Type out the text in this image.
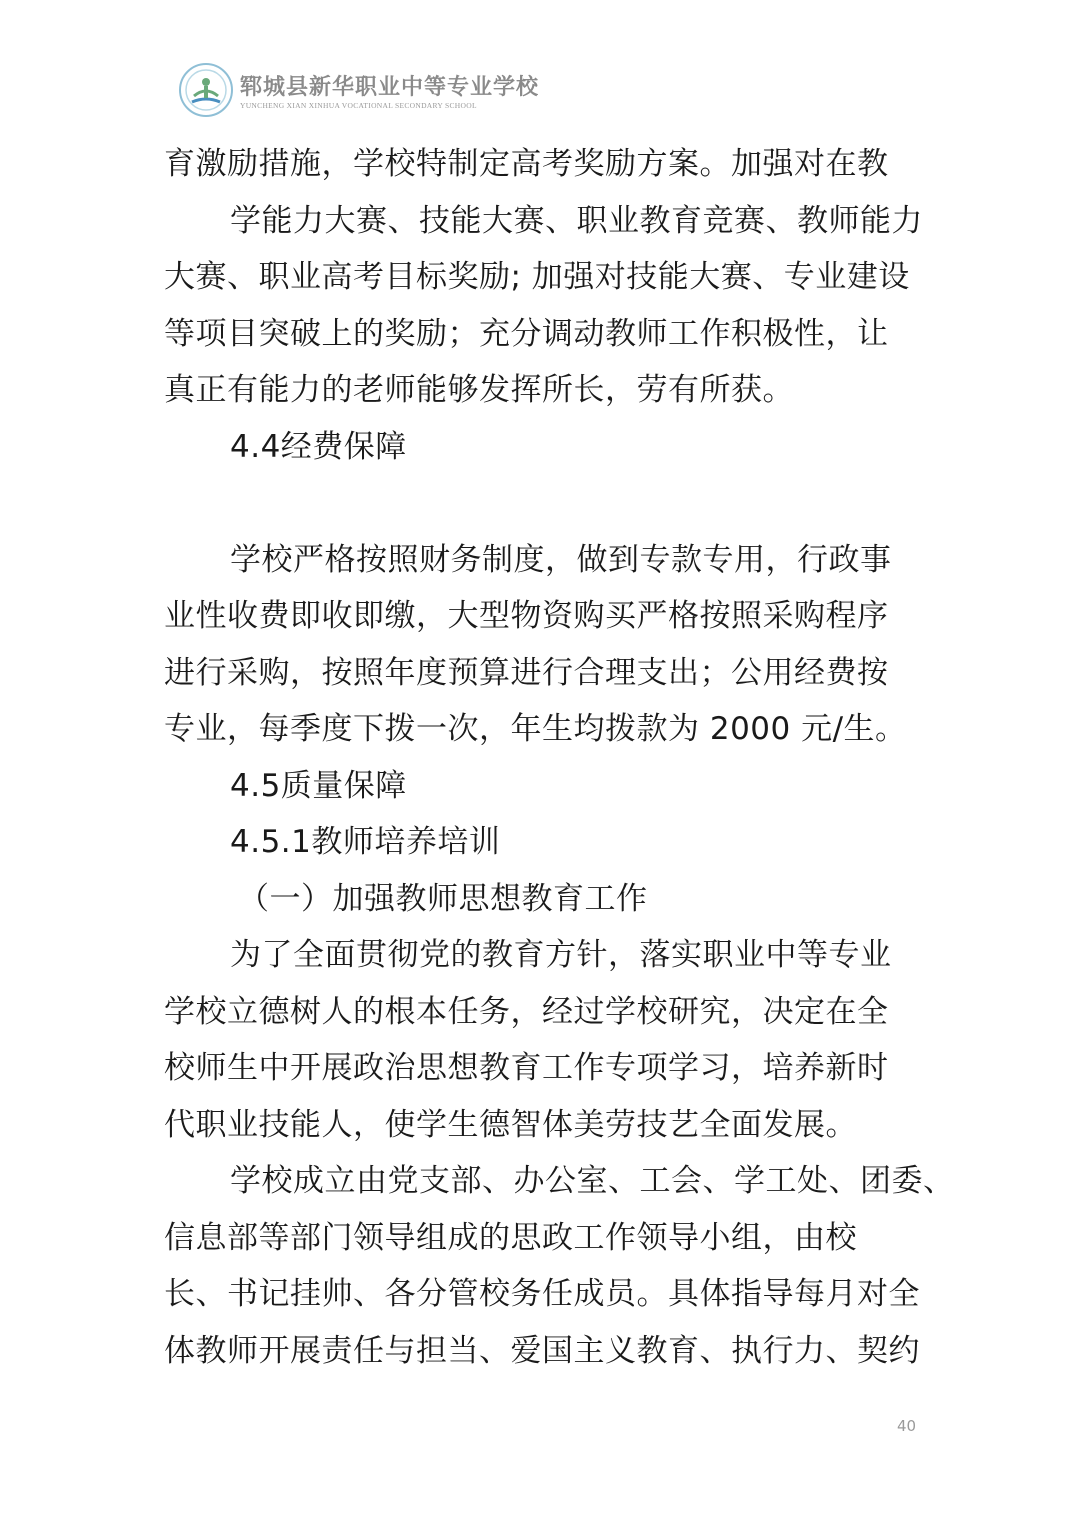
郓城县新华职业中等专业学校
YUNCHENG XIAN XINHUA VOCATIONAL SECONDARY SCHOOL
育激励措施，学校特制定高考奖励方案。加强对在教
学能力大赛、技能大赛、职业教育竞赛、教师能力
大赛、职业高考目标奖励; 加强对技能大赛、专业建设
等项目突破上的奖励；充分调动教师工作积极性，让
真正有能力的老师能够发挥所长，劳有所获。
4.4经费保障
学校严格按照财务制度，做到专款专用，行政事
业性收费即收即缴，大型物资购买严格按照采购程序
进行采购，按照年度预算进行合理支出；公用经费按
专业，每季度下拨一次，年生均拨款为 2000 元/生。
4.5质量保障
4.5.1教师培养培训
（一）加强教师思想教育工作
为了全面贯彻党的教育方针，落实职业中等专业
学校立德树人的根本任务，经过学校研究，决定在全
校师生中开展政治思想教育工作专项学习，培养新时
代职业技能人，使学生德智体美劳技艺全面发展。
学校成立由党支部、办公室、工会、学工处、团委、
信息部等部门领导组成的思政工作领导小组，由校
长、书记挂帅、各分管校务任成员。具体指导每月对全
体教师开展责任与担当、爱国主义教育、执行力、契约
40
